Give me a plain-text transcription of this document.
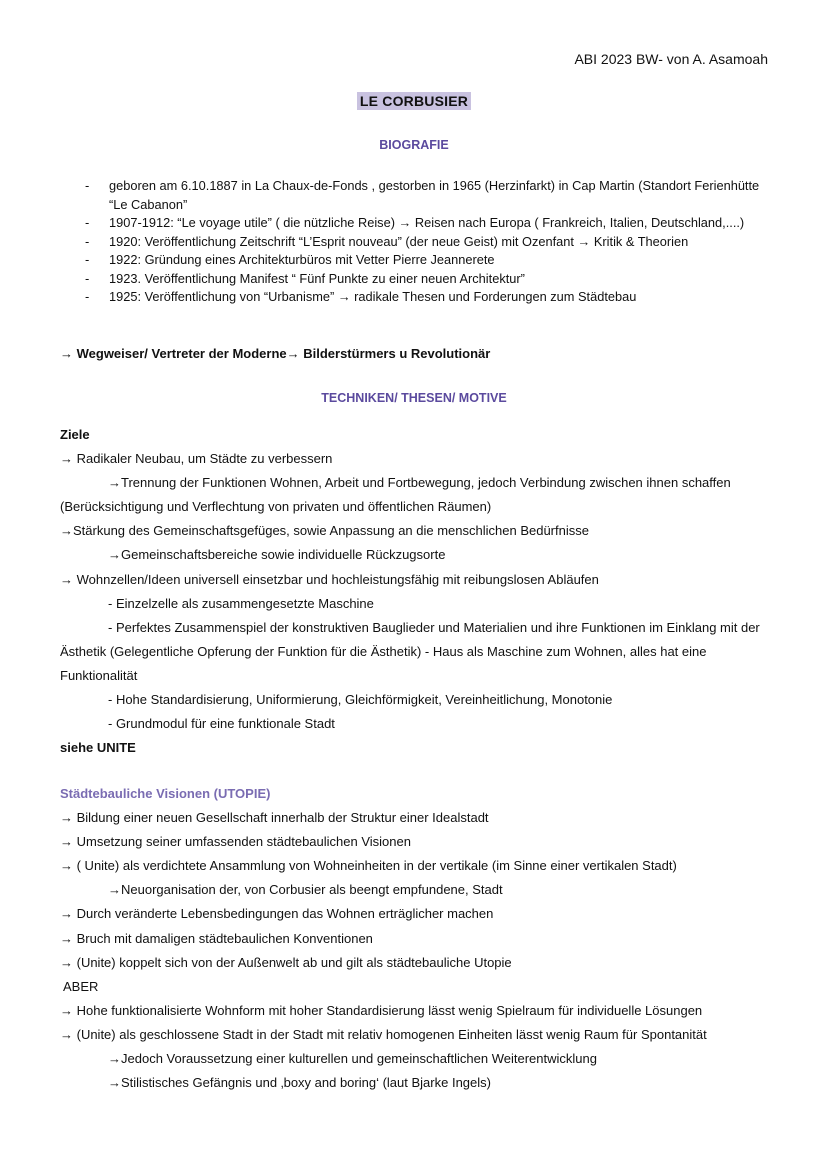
ABI 2023 BW- von A. Asamoah
LE CORBUSIER
BIOGRAFIE
- geboren am 6.10.1887 in La Chaux-de-Fonds , gestorben in 1965 (Herzinfarkt) in Cap Martin (Standort Ferienhütte “Le Cabanon”
- 1907-1912: “Le voyage utile” ( die nützliche Reise) → Reisen nach Europa ( Frankreich, Italien, Deutschland,....)
- 1920: Veröffentlichung Zeitschrift “L’Esprit nouveau” (der neue Geist) mit Ozenfant → Kritik & Theorien
- 1922: Gründung eines Architekturbüros mit Vetter Pierre Jeannerete
- 1923. Veröffentlichung Manifest “ Fünf Punkte zu einer neuen Architektur”
- 1925: Veröffentlichung von “Urbanisme” → radikale Thesen und Forderungen zum Städtebau
→ Wegweiser/ Vertreter der Moderne→ Bilderstürmers u Revolutionär
TECHNIKEN/ THESEN/ MOTIVE
Ziele
→ Radikaler Neubau, um Städte zu verbessern
→Trennung der Funktionen Wohnen, Arbeit und Fortbewegung, jedoch Verbindung zwischen ihnen schaffen (Berücksichtigung und Verflechtung von privaten und öffentlichen Räumen)
→Stärkung des Gemeinschaftsgefüges, sowie Anpassung an die menschlichen Bedürfnisse
→Gemeinschaftsbereiche sowie individuelle Rückzugsorte
→ Wohnzellen/Ideen universell einsetzbar und hochleistungsfähig mit reibungslosen Abläufen
- Einzelzelle als zusammengesetzte Maschine
- Perfektes Zusammenspiel der konstruktiven Bauglieder und Materialien und ihre Funktionen im Einklang mit der Ästhetik (Gelegentliche Opferung der Funktion für die Ästhetik) - Haus als Maschine zum Wohnen, alles hat eine Funktionalität
- Hohe Standardisierung, Uniformierung, Gleichförmigkeit, Vereinheitlichung, Monotonie
- Grundmodul für eine funktionale Stadt
siehe UNITE
Städtebauliche Visionen (UTOPIE)
→ Bildung einer neuen Gesellschaft innerhalb der Struktur einer Idealstadt
→ Umsetzung seiner umfassenden städtebaulichen Visionen
→ ( Unite) als verdichtete Ansammlung von Wohneinheiten in der vertikale (im Sinne einer vertikalen Stadt)
→Neuorganisation der, von Corbusier als beengt empfundene, Stadt
→ Durch veränderte Lebensbedingungen das Wohnen erträglicher machen
→ Bruch mit damaligen städtebaulichen Konventionen
→ (Unite) koppelt sich von der Außenwelt ab und gilt als städtebauliche Utopie
ABER
→ Hohe funktionalisierte Wohnform mit hoher Standardisierung lässt wenig Spielraum für individuelle Lösungen
→ (Unite) als geschlossene Stadt in der Stadt mit relativ homogenen Einheiten lässt wenig Raum für Spontanität
→Jedoch Voraussetzung einer kulturellen und gemeinschaftlichen Weiterentwicklung
→Stilistisches Gefängnis und ‚boxy and boring‘ (laut Bjarke Ingels)
